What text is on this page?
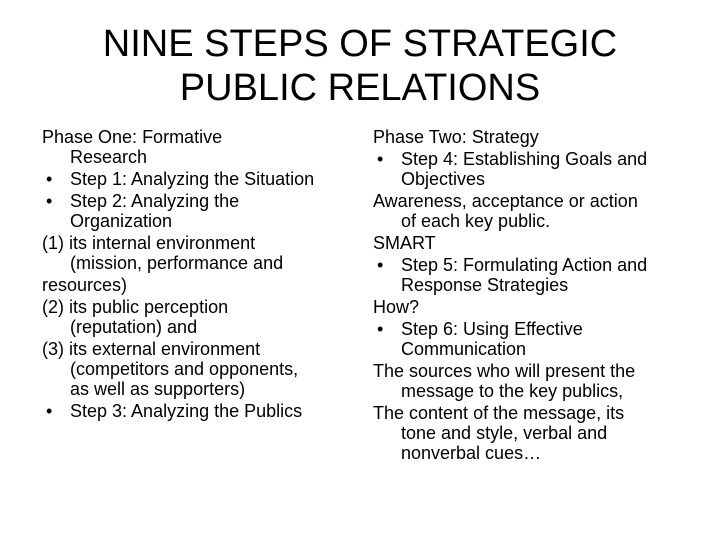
NINE STEPS OF STRATEGIC
PUBLIC RELATIONS
Phase One: Formative
Research
• Step 1: Analyzing the Situation
• Step 2: Analyzing the
Organization
(1) its internal environment
(mission, performance and
resources)
(2) its public perception
(reputation) and
(3) its external environment
(competitors and opponents,
as well as supporters)
• Step 3: Analyzing the Publics
Phase Two: Strategy
• Step 4: Establishing Goals and
Objectives
Awareness, acceptance or action
of each key public.
SMART
• Step 5: Formulating Action and
Response Strategies
How?
• Step 6: Using Effective
Communication
The sources who will present the
message to the key publics,
The content of the message, its
tone and style, verbal and
nonverbal cues…
